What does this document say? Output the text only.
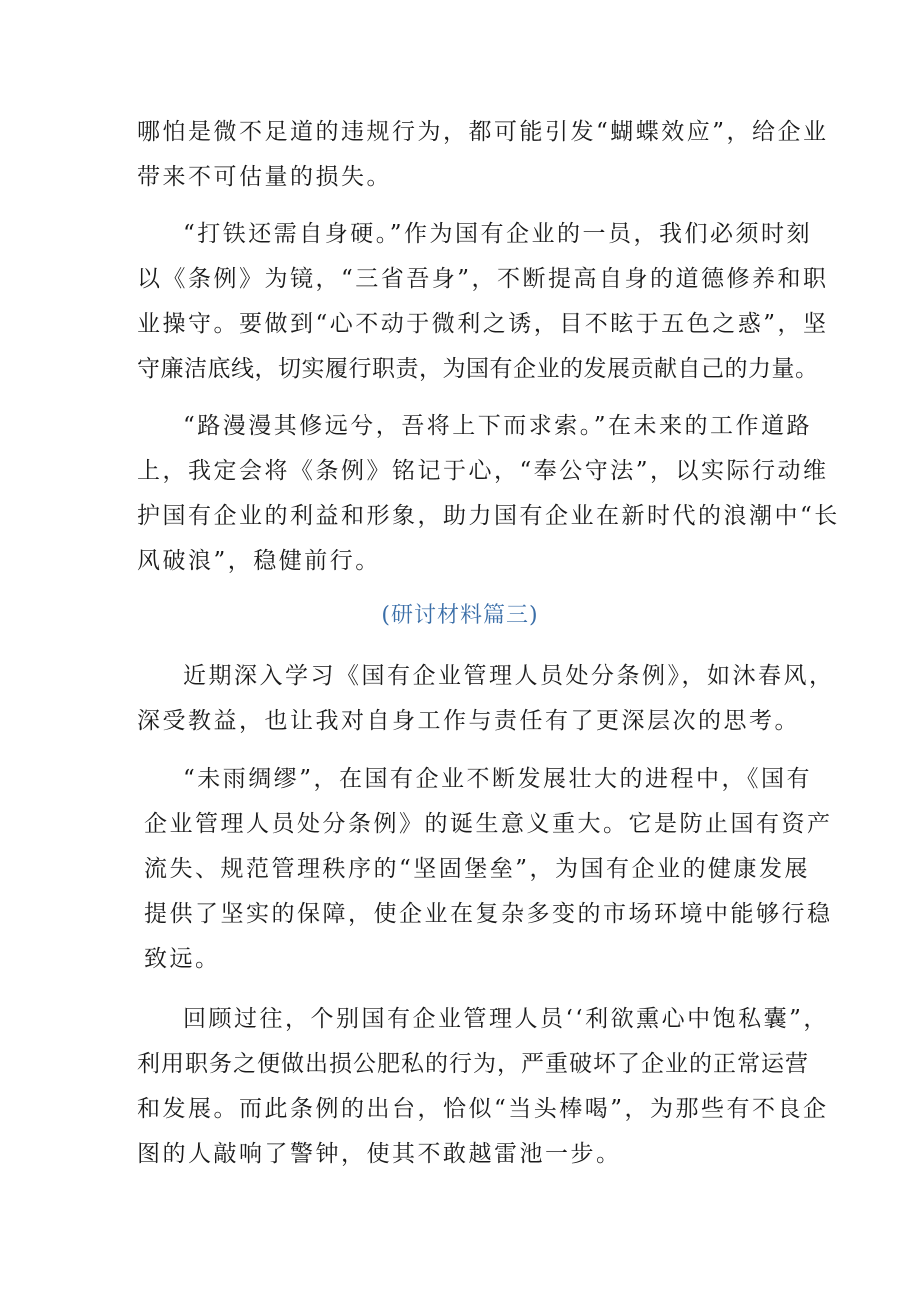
哪怕是微不足道的违规行为，都可能引发“蝴蝶效应”，给企业
带来不可估量的损失。
“打铁还需自身硬。”作为国有企业的一员，我们必须时刻
以《条例》为镜，“三省吾身”，不断提高自身的道德修养和职
业操守。要做到“心不动于微利之诱，目不眩于五色之惑”，坚
守廉洁底线，切实履行职责，为国有企业的发展贡献自己的力量。
“路漫漫其修远兮，吾将上下而求索。”在未来的工作道路
上，我定会将《条例》铭记于心，“奉公守法”，以实际行动维
护国有企业的利益和形象，助力国有企业在新时代的浪潮中“长
风破浪”，稳健前行。
(研讨材料篇三)
近期深入学习《国有企业管理人员处分条例》，如沐春风，
深受教益，也让我对自身工作与责任有了更深层次的思考。
“未雨绸缪”，在国有企业不断发展壮大的进程中，《国有
企业管理人员处分条例》的诞生意义重大。它是防止国有资产
流失、规范管理秩序的“坚固堡垒”，为国有企业的健康发展
提供了坚实的保障，使企业在复杂多变的市场环境中能够行稳
致远。
回顾过往，个别国有企业管理人员‘‘利欲熏心中饱私囊”，
利用职务之便做出损公肥私的行为，严重破坏了企业的正常运营
和发展。而此条例的出台，恰似“当头棒喝”，为那些有不良企
图的人敲响了警钟，使其不敢越雷池一步。
